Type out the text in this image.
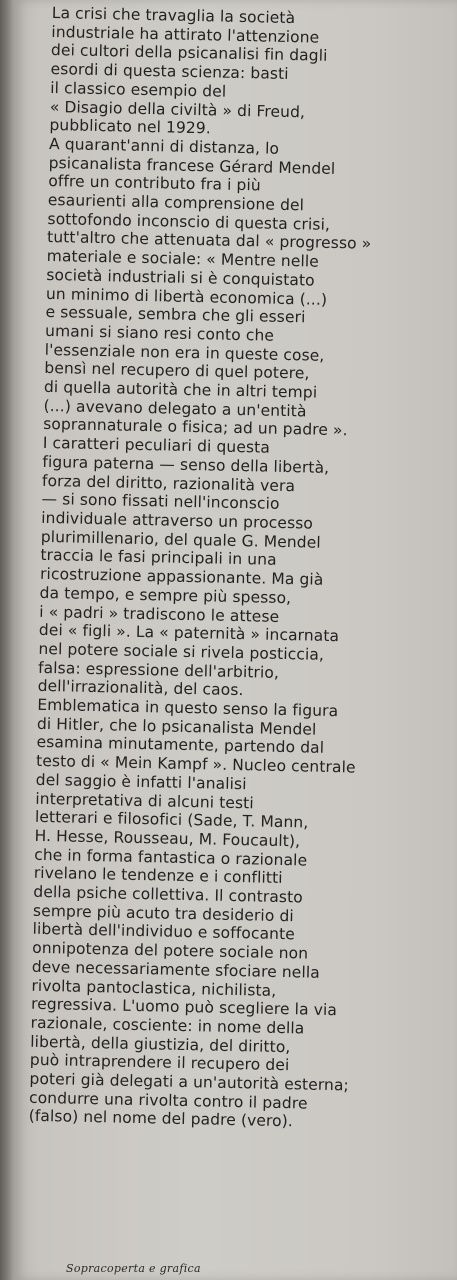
La crisi che travaglia la società
industriale ha attirato l'attenzione
dei cultori della psicanalisi fin dagli
esordi di questa scienza: basti
il classico esempio del
« Disagio della civiltà » di Freud,
pubblicato nel 1929.
A quarant'anni di distanza, lo
psicanalista francese Gérard Mendel
offre un contributo fra i più
esaurienti alla comprensione del
sottofondo inconscio di questa crisi,
tutt'altro che attenuata dal « progresso »
materiale e sociale: « Mentre nelle
società industriali si è conquistato
un minimo di libertà economica (...)
e sessuale, sembra che gli esseri
umani si siano resi conto che
l'essenziale non era in queste cose,
bensì nel recupero di quel potere,
di quella autorità che in altri tempi
(...) avevano delegato a un'entità
soprannaturale o fisica; ad un padre ».
I caratteri peculiari di questa
figura paterna — senso della libertà,
forza del diritto, razionalità vera
— si sono fissati nell'inconscio
individuale attraverso un processo
plurimillenario, del quale G. Mendel
traccia le fasi principali in una
ricostruzione appassionante. Ma già
da tempo, e sempre più spesso,
i « padri » tradiscono le attese
dei « figli ». La « paternità » incarnata
nel potere sociale si rivela posticcia,
falsa: espressione dell'arbitrio,
dell'irrazionalità, del caos.
Emblematica in questo senso la figura
di Hitler, che lo psicanalista Mendel
esamina minutamente, partendo dal
testo di « Mein Kampf ». Nucleo centrale
del saggio è infatti l'analisi
interpretativa di alcuni testi
letterari e filosofici (Sade, T. Mann,
H. Hesse, Rousseau, M. Foucault),
che in forma fantastica o razionale
rivelano le tendenze e i conflitti
della psiche collettiva. Il contrasto
sempre più acuto tra desiderio di
libertà dell'individuo e soffocante
onnipotenza del potere sociale non
deve necessariamente sfociare nella
rivolta pantoclastica, nichilista,
regressiva. L'uomo può scegliere la via
razionale, cosciente: in nome della
libertà, della giustizia, del diritto,
può intraprendere il recupero dei
poteri già delegati a un'autorità esterna;
condurre una rivolta contro il padre
(falso) nel nome del padre (vero).
Sopracoperta e grafica
